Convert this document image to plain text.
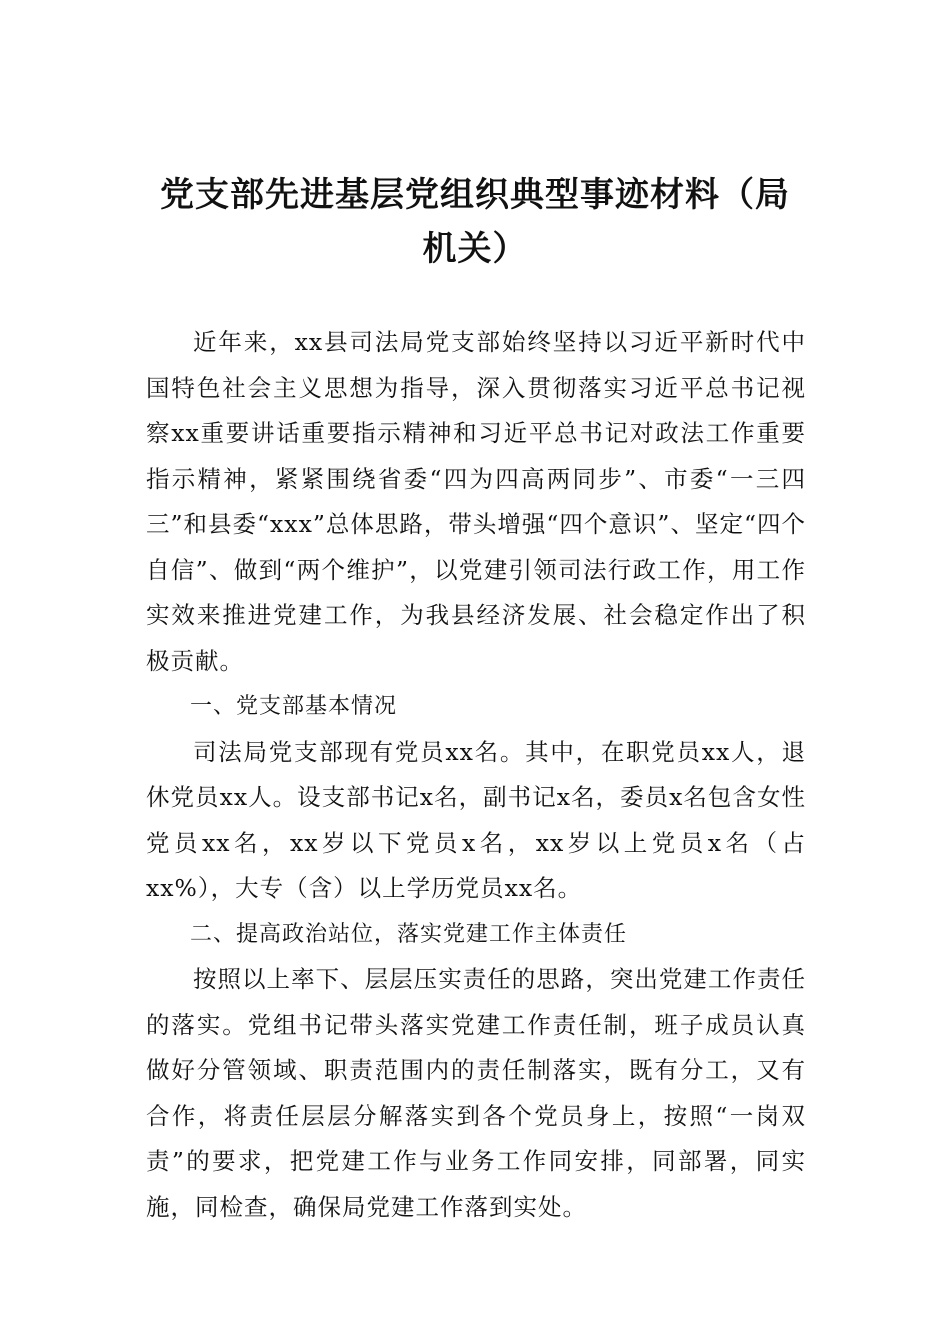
党支部先进基层党组织典型事迹材料（局
机关）

近年来，xx县司法局党支部始终坚持以习近平新时代中国特色社会主义思想为指导，深入贯彻落实习近平总书记视察xx重要讲话重要指示精神和习近平总书记对政法工作重要指示精神，紧紧围绕省委“四为四高两同步”、市委“一三四三”和县委“xxx”总体思路，带头增强“四个意识”、坚定“四个自信”、做到“两个维护”，以党建引领司法行政工作，用工作实效来推进党建工作，为我县经济发展、社会稳定作出了积极贡献。

一、党支部基本情况

司法局党支部现有党员xx名。其中，在职党员xx人，退休党员xx人。设支部书记x名，副书记x名，委员x名包含女性党员xx名，xx岁以下党员x名，xx岁以上党员x名（占xx%），大专（含）以上学历党员xx名。

二、提高政治站位，落实党建工作主体责任

按照以上率下、层层压实责任的思路，突出党建工作责任的落实。党组书记带头落实党建工作责任制，班子成员认真做好分管领域、职责范围内的责任制落实，既有分工，又有合作，将责任层层分解落实到各个党员身上，按照“一岗双责”的要求，把党建工作与业务工作同安排，同部署，同实施，同检查，确保局党建工作落到实处。
